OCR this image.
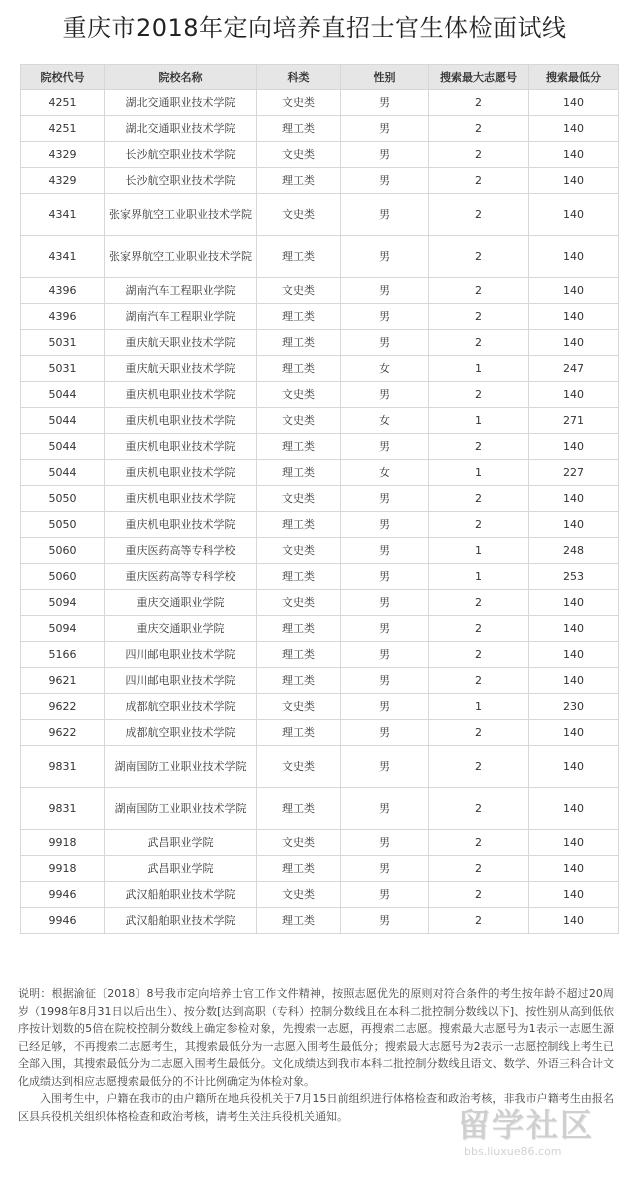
重庆市2018年定向培养直招士官生体检面试线
院校代号	院校名称	科类	性别	搜索最大志愿号	搜索最低分
4251	湖北交通职业技术学院	文史类	男	2	140
4251	湖北交通职业技术学院	理工类	男	2	140
4329	长沙航空职业技术学院	文史类	男	2	140
4329	长沙航空职业技术学院	理工类	男	2	140
4341	张家界航空工业职业技术学院	文史类	男	2	140
4341	张家界航空工业职业技术学院	理工类	男	2	140
4396	湖南汽车工程职业学院	文史类	男	2	140
4396	湖南汽车工程职业学院	理工类	男	2	140
5031	重庆航天职业技术学院	理工类	男	2	140
5031	重庆航天职业技术学院	理工类	女	1	247
5044	重庆机电职业技术学院	文史类	男	2	140
5044	重庆机电职业技术学院	文史类	女	1	271
5044	重庆机电职业技术学院	理工类	男	2	140
5044	重庆机电职业技术学院	理工类	女	1	227
5050	重庆机电职业技术学院	文史类	男	2	140
5050	重庆机电职业技术学院	理工类	男	2	140
5060	重庆医药高等专科学校	文史类	男	1	248
5060	重庆医药高等专科学校	理工类	男	1	253
5094	重庆交通职业学院	文史类	男	2	140
5094	重庆交通职业学院	理工类	男	2	140
5166	四川邮电职业技术学院	理工类	男	2	140
9621	四川邮电职业技术学院	理工类	男	2	140
9622	成都航空职业技术学院	文史类	男	1	230
9622	成都航空职业技术学院	理工类	男	2	140
9831	湖南国防工业职业技术学院	文史类	男	2	140
9831	湖南国防工业职业技术学院	理工类	男	2	140
9918	武昌职业学院	文史类	男	2	140
9918	武昌职业学院	理工类	男	2	140
9946	武汉船舶职业技术学院	文史类	男	2	140
9946	武汉船舶职业技术学院	理工类	男	2	140

说明：根据渝征〔2018〕8号我市定向培养士官工作文件精神，按照志愿优先的原则对符合条件的考生按年龄不超过20周岁（1998年8月31日以后出生）、按分数[达到高职（专科）控制分数线且在本科二批控制分数线以下]、按性别从高到低依序按计划数的5倍在院校控制分数线上确定参检对象，先搜索一志愿，再搜索二志愿。搜索最大志愿号为1表示一志愿生源已经足够，不再搜索二志愿考生，其搜索最低分为一志愿入围考生最低分；搜索最大志愿号为2表示一志愿控制线上考生已全部入围，其搜索最低分为二志愿入围考生最低分。文化成绩达到我市本科二批控制分数线且语文、数学、外语三科合计文化成绩达到相应志愿搜索最低分的不计比例确定为体检对象。

入围考生中，户籍在我市的由户籍所在地兵役机关于7月15日前组织进行体格检查和政治考核，非我市户籍考生由报名区县兵役机关组织体格检查和政治考核，请考生关注兵役机关通知。	留学社区
bbs.liuxue86.com
